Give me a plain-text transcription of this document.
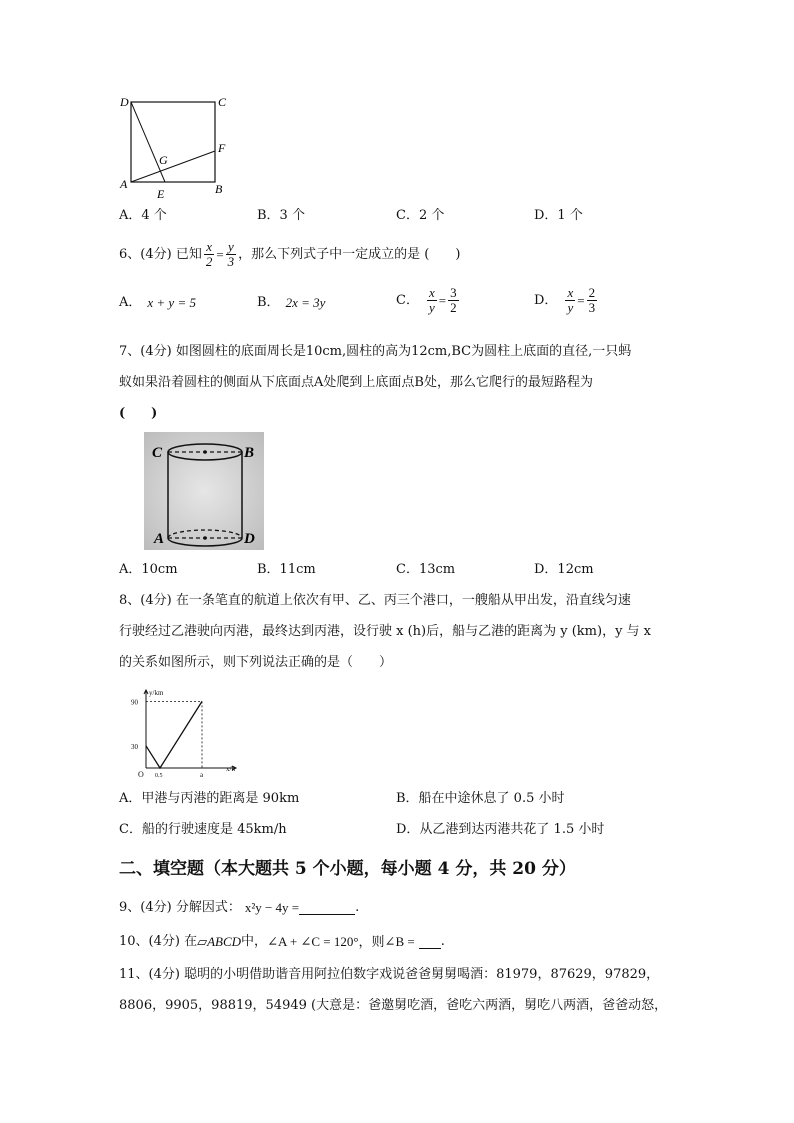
D	C
G
F
A
E	B
A．4 个	B．3 个	C．2 个	D．1 个
6、(4分) 已知 $\frac{x}{2} = \frac{y}{3}$ ，那么下列式子中一定成立的是 (　　)
A． x + y = 5	B． 2x = 3y	C． $\frac{x}{y} = \frac{3}{2}$	D． $\frac{x}{y} = \frac{2}{3}$
7、(4分) 如图圆柱的底面周长是10cm,圆柱的高为12cm,BC为圆柱上底面的直径,一只蚂
蚁如果沿着圆柱的侧面从下底面点A处爬到上底面点B处，那么它爬行的最短路程为
(　　)
C	B
A	D
A．10cm	B．11cm	C．13cm	D．12cm
8、(4分) 在一条笔直的航道上依次有甲、乙、丙三个港口，一艘船从甲出发，沿直线匀速
行驶经过乙港驶向丙港，最终达到丙港，设行驶 x (h)后，船与乙港的距离为 y (km)，y 与 x
的关系如图所示，则下列说法正确的是（　　）
y/km
x/h
90
30
O 0.5	a
A．甲港与丙港的距离是 90km	B．船在中途休息了 0.5 小时
C．船的行驶速度是 45km/h	D．从乙港到达丙港共花了 1.5 小时
二、填空题（本大题共 5 个小题，每小题 4 分，共 20 分）
9、(4分) 分解因式： x²y − 4y =	.
10、(4分) 在 ▱ABCD 中， ∠A + ∠C = 120°，则∠B = .
11、(4分) 聪明的小明借助谐音用阿拉伯数字戏说爸爸舅舅喝酒：81979，87629，97829，
8806，9905，98819，54949 (大意是：爸邀舅吃酒，爸吃六两酒，舅吃八两酒，爸爸动怒，
